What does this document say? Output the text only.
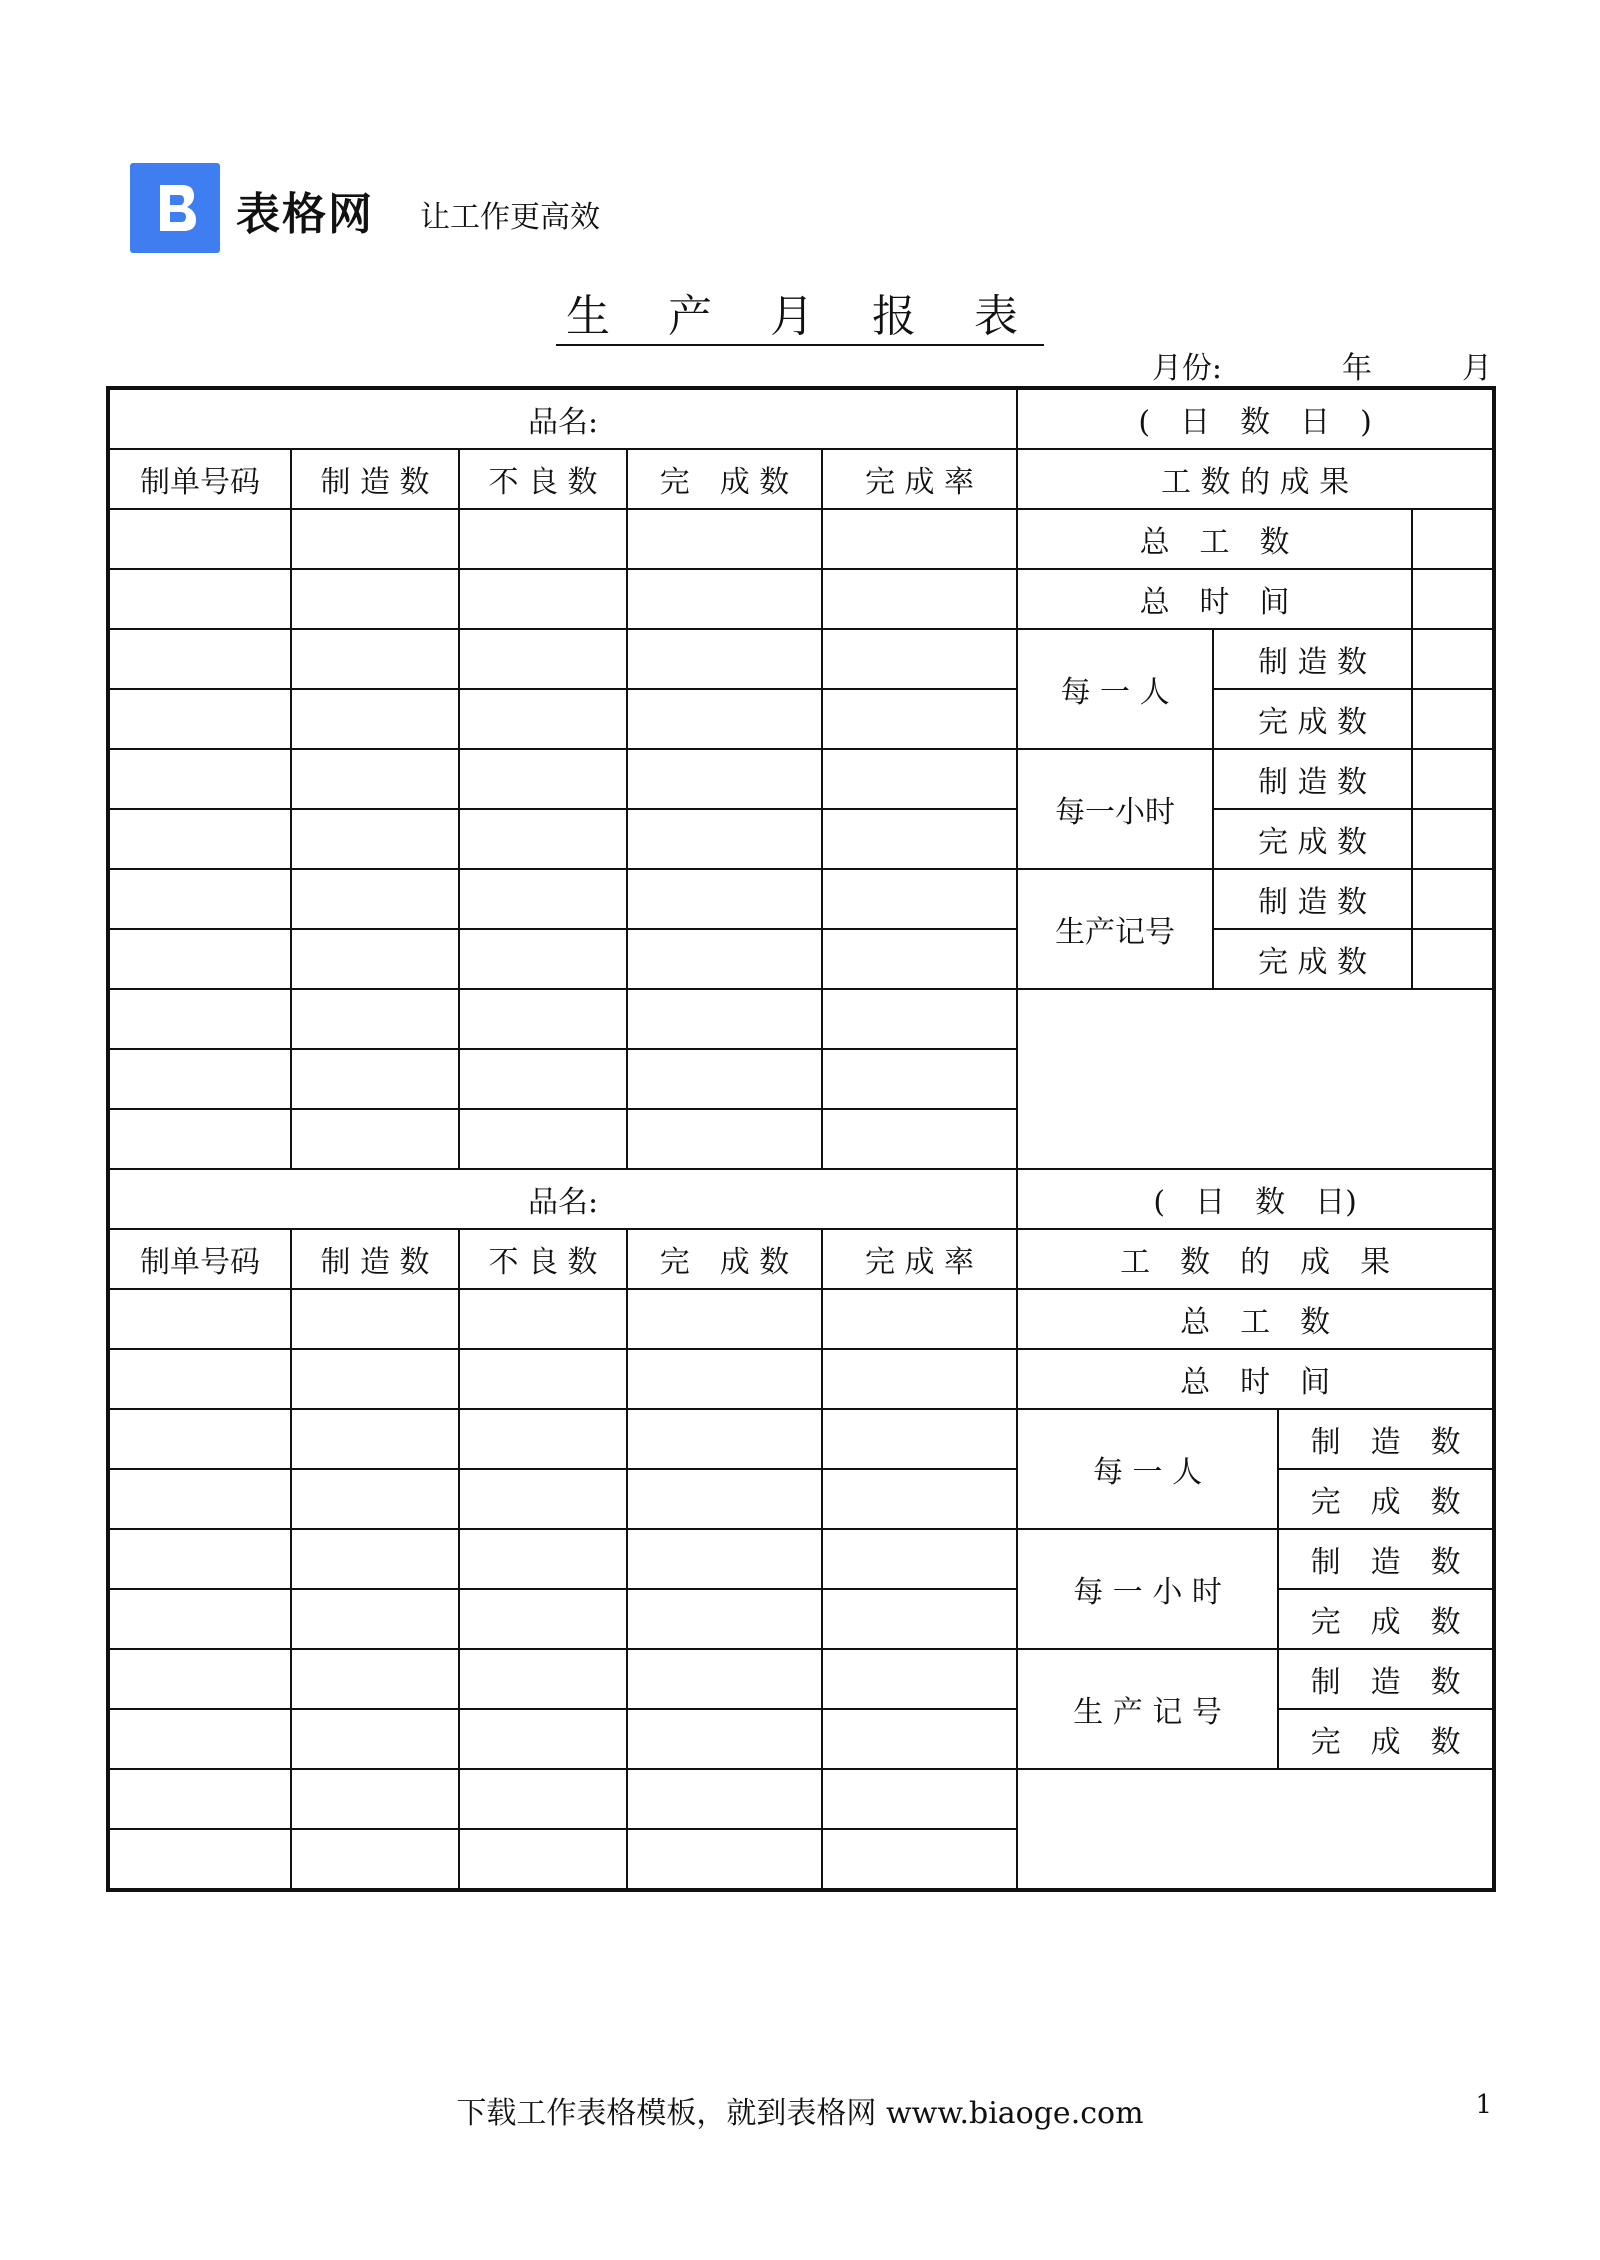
表格网 让工作更高效
生 产 月 报 表
月份:	年	月
品名:					(　日　数　日　)			
制单号码	制 造 数	不 良 数	完　成 数	完 成 率	工 数 的 成 果			
					总　工　数			
					总　时　间			
					每 一 人	制 造 数		
						完 成 数		
					每一小时	制 造 数		
						完 成 数		
					生产记号	制 造 数		
						完 成 数		

品名:					(　日　数　日)			
制单号码	制 造 数	不 良 数	完　成 数	完 成 率	工　数　的　成　果			
					总　工　数			
					总　时　间			
					每 一 人		制　造　数	
							完　成　数	
					每 一 小 时		制　造　数	
							完　成　数	
					生 产 记 号		制　造　数	
							完　成　数	

下载工作表格模板，就到表格网 www.biaoge.com	1
